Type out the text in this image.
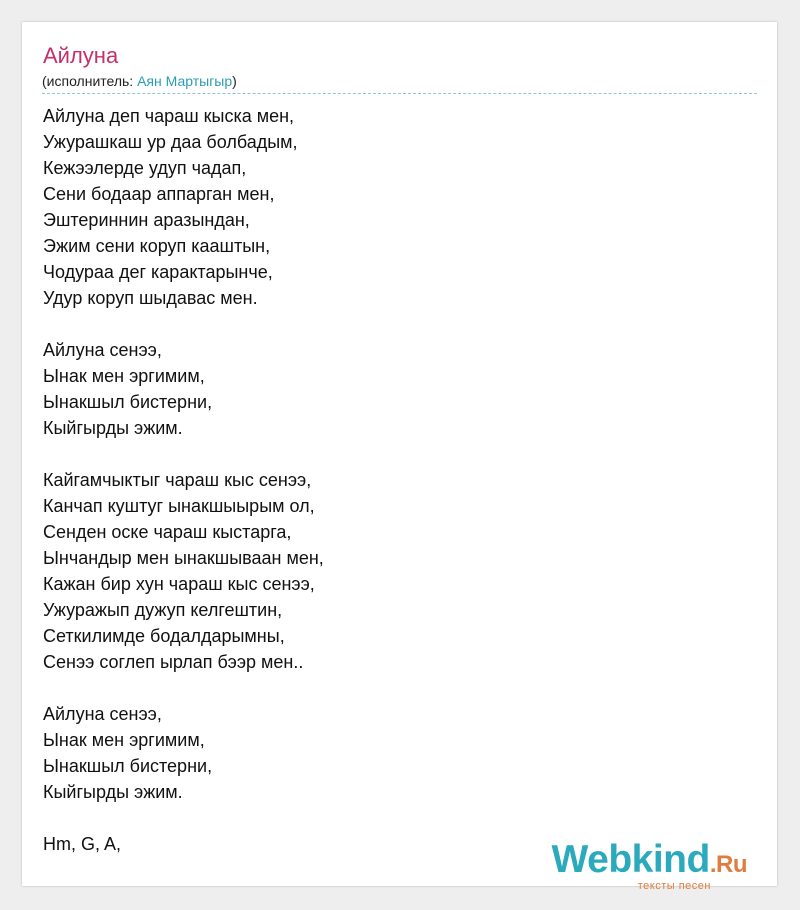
Айлуна
(исполнитель: Аян Мартыгыр)
Айлуна деп чараш кыска мен,
Ужурашкаш ур даа болбадым,
Кежээлерде удуп чадап,
Сени бодаар аппарган мен,
Эштериннин аразындан,
Эжим сени коруп кааштын,
Чодураа дег карактарынче,
Удур коруп шыдавас мен.
Айлуна сенээ,
Ынак мен эргимим,
Ынакшыл бистерни,
Кыйгырды эжим.
Кайгамчыктыг чараш кыс сенээ,
Канчап куштуг ынакшыырым ол,
Сенден оске чараш кыстарга,
Ынчандыр мен ынакшываан мен,
Кажан бир хун чараш кыс сенээ,
Ужуражып дужуп келгештин,
Сеткилимде бодалдарымны,
Сенээ соглеп ырлап бээр мен..
Айлуна сенээ,
Ынак мен эргимим,
Ынакшыл бистерни,
Кыйгырды эжим.
Hm, G, A,	Webkind.Ru
тексты песен
